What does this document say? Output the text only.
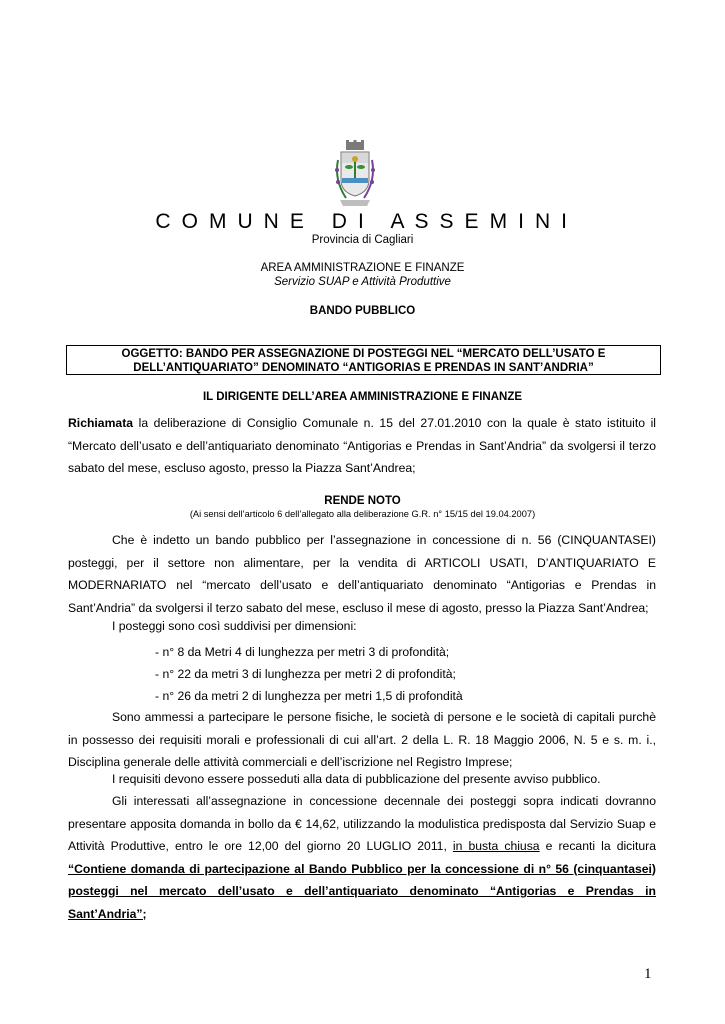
C O M U N E   D I   A S S E M I N I
Provincia di Cagliari
AREA AMMINISTRAZIONE E FINANZE
Servizio SUAP e Attività Produttive
BANDO PUBBLICO
OGGETTO: BANDO PER ASSEGNAZIONE DI POSTEGGI NEL “MERCATO DELL’USATO E
DELL’ANTIQUARIATO” DENOMINATO “ANTIGORIAS E PRENDAS IN SANT’ANDRIA”
IL DIRIGENTE DELL’AREA AMMINISTRAZIONE E FINANZE
Richiamata la deliberazione di Consiglio Comunale n. 15 del 27.01.2010 con la quale è stato istituito il “Mercato dell’usato e dell’antiquariato denominato “Antigorias e Prendas in Sant’Andria” da svolgersi il terzo sabato del mese, escluso agosto, presso la Piazza Sant’Andrea;
RENDE NOTO
(Ai sensi dell’articolo 6 dell’allegato alla deliberazione G.R. n° 15/15 del 19.04.2007)
Che è indetto un bando pubblico per l’assegnazione in concessione di n. 56 (CINQUANTASEI) posteggi, per il settore non alimentare, per la vendita di ARTICOLI USATI, D’ANTIQUARIATO E MODERNARIATO nel “mercato dell’usato e dell’antiquariato denominato “Antigorias e Prendas in Sant’Andria” da svolgersi il terzo sabato del mese, escluso il mese di agosto, presso la Piazza Sant’Andrea;
I posteggi sono così suddivisi per dimensioni:
- n° 8 da Metri 4 di lunghezza per metri 3 di profondità;
- n° 22 da metri 3 di lunghezza per metri 2 di profondità;
- n° 26 da metri 2 di lunghezza per metri 1,5 di profondità
Sono ammessi a partecipare le persone fisiche, le società di persone e le società di capitali purchè in possesso dei requisiti morali e professionali di cui all’art. 2 della L. R. 18 Maggio 2006, N. 5 e s. m. i., Disciplina generale delle attività commerciali e dell’iscrizione nel Registro Imprese;
I requisiti devono essere posseduti alla data di pubblicazione del presente avviso pubblico.
Gli interessati all’assegnazione in concessione decennale dei posteggi sopra indicati dovranno presentare apposita domanda in bollo da € 14,62, utilizzando la modulistica predisposta dal Servizio Suap e Attività Produttive, entro le ore 12,00 del giorno 20 LUGLIO 2011, in busta chiusa e recanti la dicitura “Contiene domanda di partecipazione al Bando Pubblico per la concessione di n° 56 (cinquantasei) posteggi nel mercato dell’usato e dell’antiquariato denominato “Antigorias e Prendas in Sant’Andria”;
1
